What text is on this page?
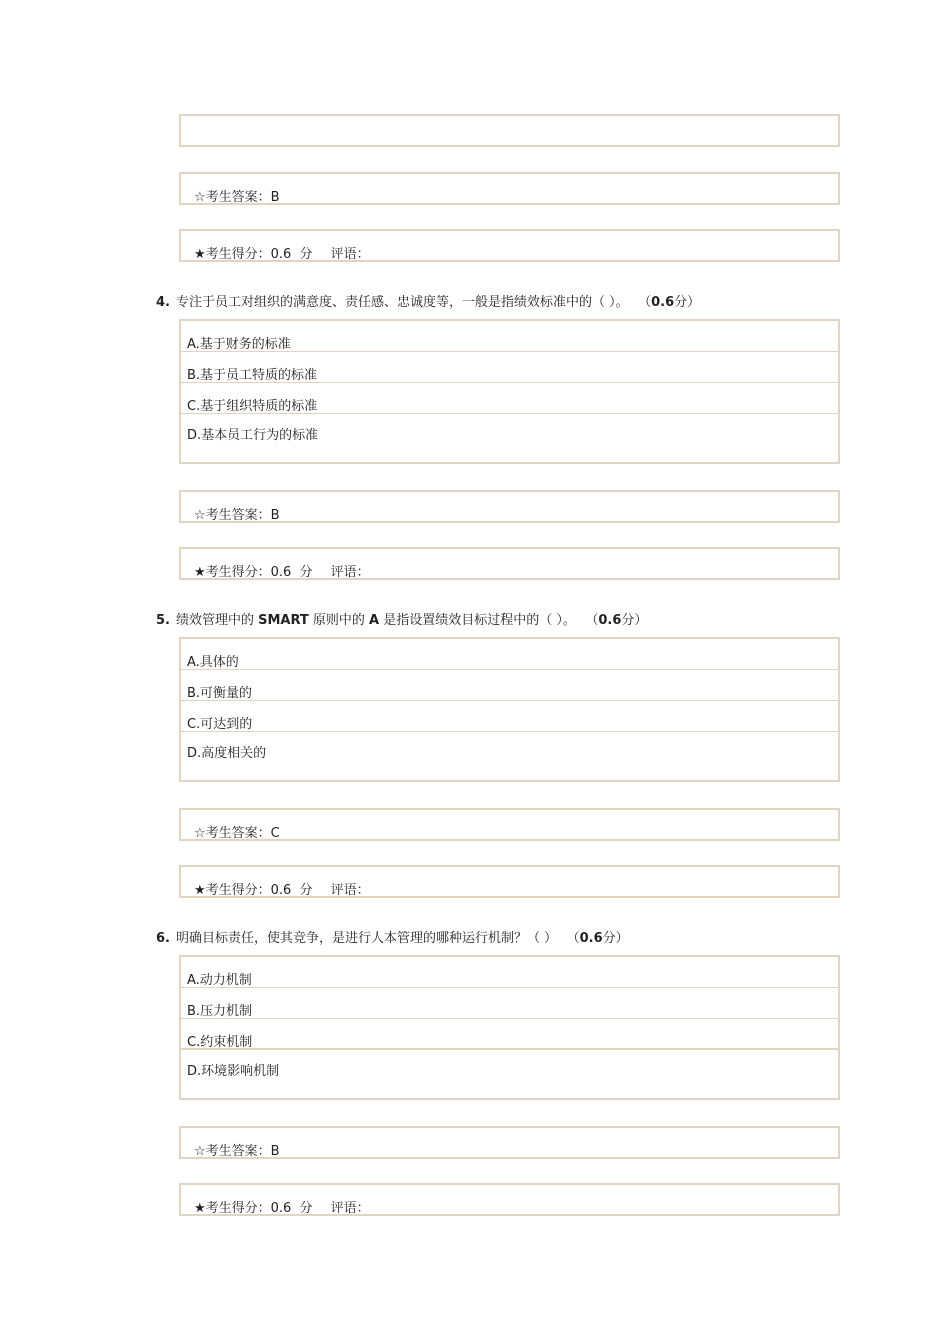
☆考生答案：B
★考生得分：0.6 分 评语：
4. 专注于员工对组织的满意度、责任感、忠诚度等，一般是指绩效标准中的（ ）。 （0.6分）
A.基于财务的标准
B.基于员工特质的标准
C.基于组织特质的标准
D.基本员工行为的标准
☆考生答案：B
★考生得分：0.6 分 评语：
5. 绩效管理中的 SMART 原则中的 A 是指设置绩效目标过程中的（ ）。 （0.6分）
A.具体的
B.可衡量的
C.可达到的
D.高度相关的
☆考生答案：C
★考生得分：0.6 分 评语：
6. 明确目标责任，使其竞争，是进行人本管理的哪种运行机制？（ ） （0.6分）
A.动力机制
B.压力机制
C.约束机制
D.环境影响机制
☆考生答案：B
★考生得分：0.6 分 评语：
